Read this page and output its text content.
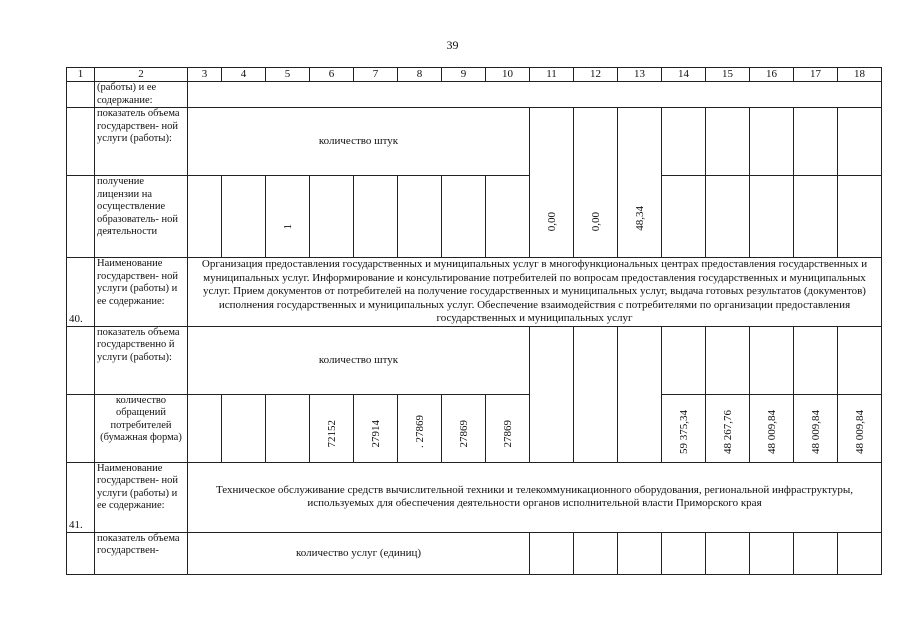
39
1	2	3	4	5	6	7	8	9	10	11	12	13	14	15	16	17	18
	(работы) и ее содержание:																
	показатель объема государствен- ной услуги (работы):	количество штук								0,00	0,00	48,34					

	получение лицензии на осуществление образователь- ной деятельности			1													

40.	Наименование государствен- ной услуги (работы) и ее содержание:	Организация предоставления государственных и муниципальных услуг в многофункциональных центрах предоставления государственных и муниципальных услуг. Информирование и консультирование потребителей по вопросам предоставления государственных и муниципальных услуг. Прием документов от потребителей на получение государственных и муниципальных услуг, выдача готовых результатов (документов) исполнения государственных и муниципальных услуг. Обеспечение взаимодействия с потребителями по организации предоставления государственных и муниципальных услуг															
	показатель объема государственно й услуги (работы):	количество штук															
	количество обращений потребителей (бумажная форма)				72152	27914	. 27869	27869	27869				59 375,34	48 267,76	48 009,84	48 009,84	48 009,84

41.	Наименование государствен- ной услуги (работы) и ее содержание:	Техническое обслуживание средств вычислительной техники и телекоммуникационного оборудования, региональной инфраструктуры, используемых для обеспечения деятельности органов исполнительной власти Приморского края															
	показатель объема государствен-	количество услуг (единиц)															
